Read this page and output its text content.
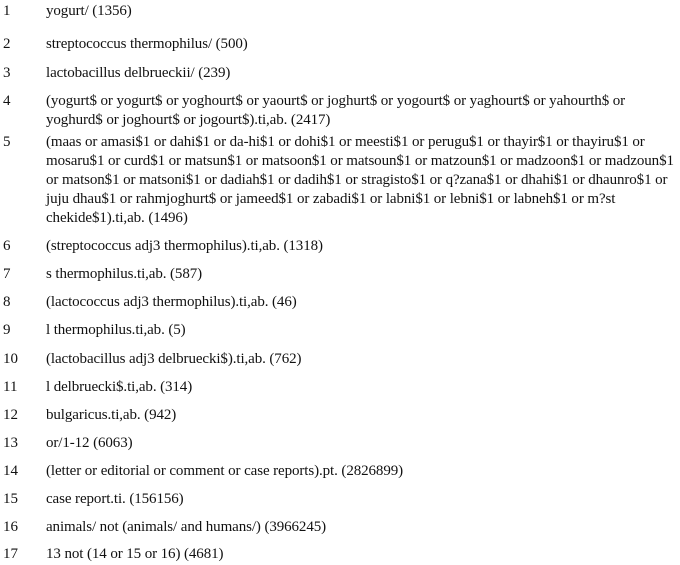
1 yogurt/ (1356)
2 streptococcus thermophilus/ (500)
3 lactobacillus delbrueckii/ (239)
4 (yogurt$ or yogurt$ or yoghourt$ or yaourt$ or joghurt$ or yogourt$ or yaghourt$ or yahourth$ or yoghurd$ or joghourt$ or jogourt$).ti,ab. (2417)
5 (maas or amasi$1 or dahi$1 or da-hi$1 or dohi$1 or meesti$1 or perugu$1 or thayir$1 or thayiru$1 or mosaru$1 or curd$1 or matsun$1 or matsoon$1 or matsoun$1 or matzoun$1 or madzoon$1 or madzoun$1 or matson$1 or matsoni$1 or dadiah$1 or dadih$1 or stragisto$1 or q?zana$1 or dhahi$1 or dhaunro$1 or juju dhau$1 or rahmjoghurt$ or jameed$1 or zabadi$1 or labni$1 or lebni$1 or labneh$1 or m?st chekide$1).ti,ab. (1496)
6 (streptococcus adj3 thermophilus).ti,ab. (1318)
7 s thermophilus.ti,ab. (587)
8 (lactococcus adj3 thermophilus).ti,ab. (46)
9 l thermophilus.ti,ab. (5)
10 (lactobacillus adj3 delbruecki$).ti,ab. (762)
11 l delbruecki$.ti,ab. (314)
12 bulgaricus.ti,ab. (942)
13 or/1-12 (6063)
14 (letter or editorial or comment or case reports).pt. (2826899)
15 case report.ti. (156156)
16 animals/ not (animals/ and humans/) (3966245)
17 13 not (14 or 15 or 16) (4681)
